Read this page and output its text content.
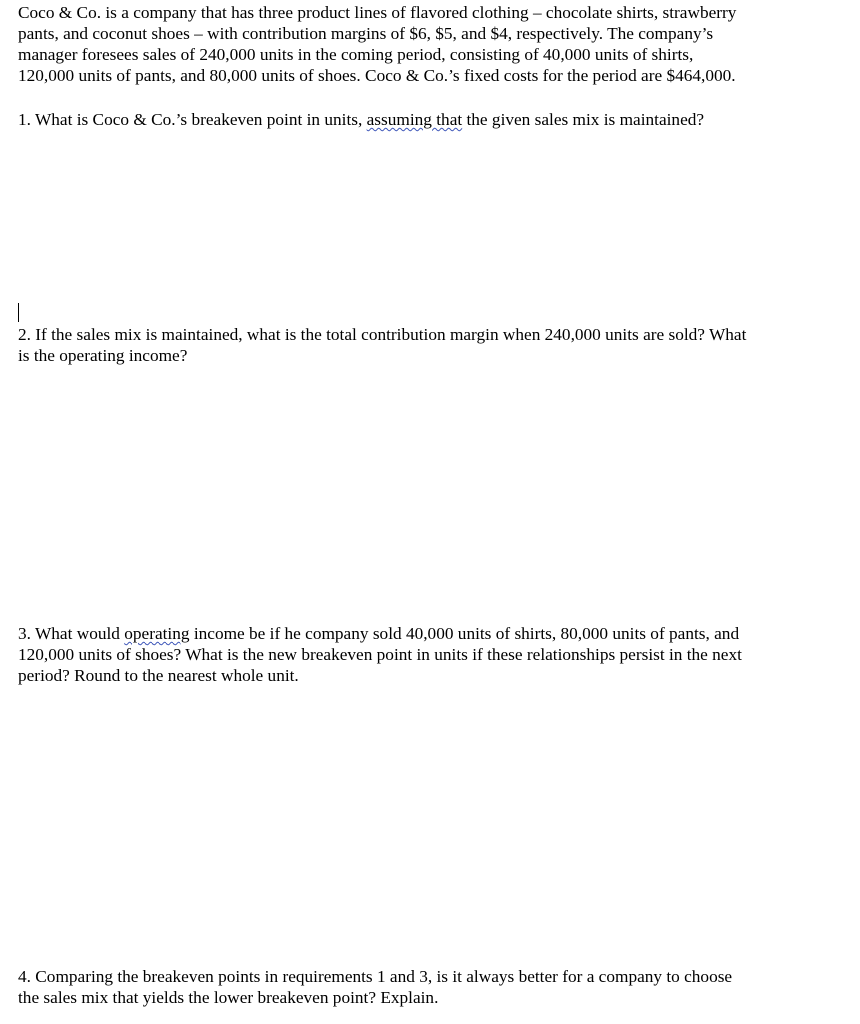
Coco & Co. is a company that has three product lines of flavored clothing – chocolate shirts, strawberry
pants, and coconut shoes – with contribution margins of $6, $5, and $4, respectively. The company’s
manager foresees sales of 240,000 units in the coming period, consisting of 40,000 units of shirts,
120,000 units of pants, and 80,000 units of shoes. Coco & Co.’s fixed costs for the period are $464,000.

1. What is Coco & Co.’s breakeven point in units, assuming that the given sales mix is maintained?

2. If the sales mix is maintained, what is the total contribution margin when 240,000 units are sold? What
is the operating income?

3. What would operating income be if he company sold 40,000 units of shirts, 80,000 units of pants, and
120,000 units of shoes? What is the new breakeven point in units if these relationships persist in the next
period? Round to the nearest whole unit.

4. Comparing the breakeven points in requirements 1 and 3, is it always better for a company to choose
the sales mix that yields the lower breakeven point? Explain.
